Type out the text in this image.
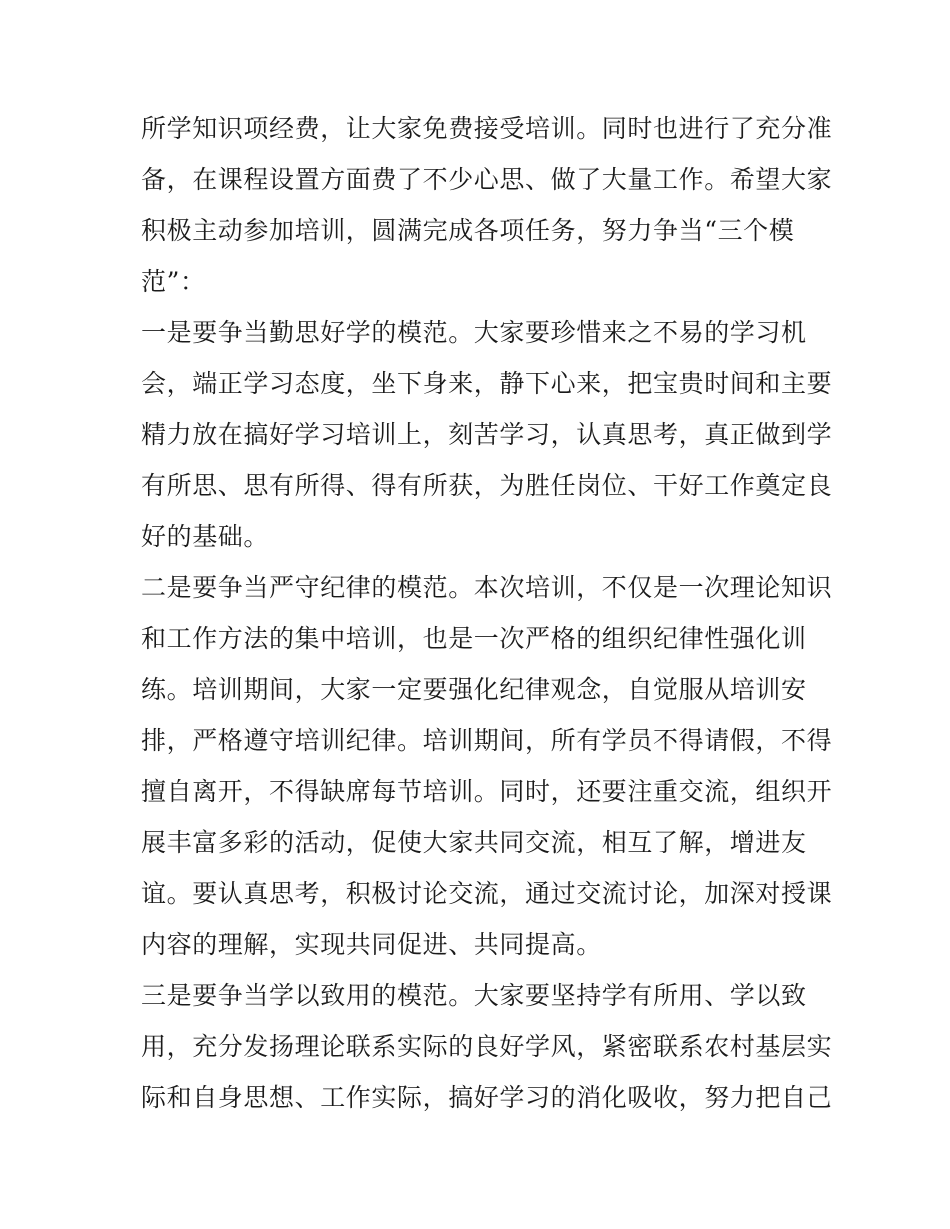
所学知识项经费，让大家免费接受培训。同时也进行了充分准
备，在课程设置方面费了不少心思、做了大量工作。希望大家
积极主动参加培训，圆满完成各项任务，努力争当“三个模
范”：
一是要争当勤思好学的模范。大家要珍惜来之不易的学习机
会，端正学习态度，坐下身来，静下心来，把宝贵时间和主要
精力放在搞好学习培训上，刻苦学习，认真思考，真正做到学
有所思、思有所得、得有所获，为胜任岗位、干好工作奠定良
好的基础。
二是要争当严守纪律的模范。本次培训，不仅是一次理论知识
和工作方法的集中培训，也是一次严格的组织纪律性强化训
练。培训期间，大家一定要强化纪律观念，自觉服从培训安
排，严格遵守培训纪律。培训期间，所有学员不得请假，不得
擅自离开，不得缺席每节培训。同时，还要注重交流，组织开
展丰富多彩的活动，促使大家共同交流，相互了解，增进友
谊。要认真思考，积极讨论交流，通过交流讨论，加深对授课
内容的理解，实现共同促进、共同提高。
三是要争当学以致用的模范。大家要坚持学有所用、学以致
用，充分发扬理论联系实际的良好学风，紧密联系农村基层实
际和自身思想、工作实际，搞好学习的消化吸收，努力把自己
